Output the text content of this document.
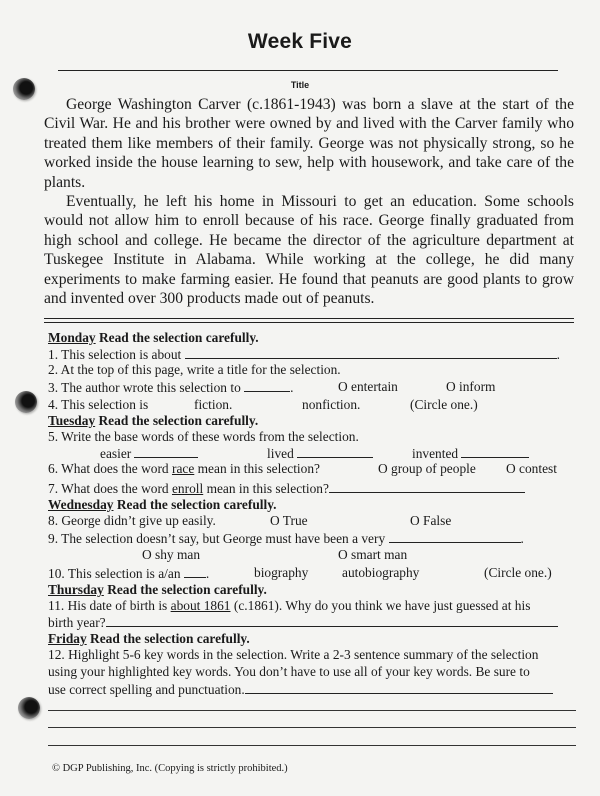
Week Five
Title

George Washington Carver (c.1861-1943) was born a slave at the start of the Civil War. He and his brother were owned by and lived with the Carver family who treated them like members of their family. George was not physically strong, so he worked inside the house learning to sew, help with housework, and take care of the plants.

Eventually, he left his home in Missouri to get an education. Some schools would not allow him to enroll because of his race. George finally graduated from high school and college. He became the director of the agriculture department at Tuskegee Institute in Alabama. While working at the college, he did many experiments to make farming easier. He found that peanuts are good plants to grow and invented over 300 products made out of peanuts.

Monday Read the selection carefully.
1. This selection is about	.
2. At the top of this page, write a title for the selection.
3. The author wrote this selection to	.	O entertain	O inform
4. This selection is	fiction.	nonfiction.	(Circle one.)
Tuesday Read the selection carefully.
5. Write the base words of these words from the selection.
easier	lived	invented
6. What does the word race mean in this selection?	O group of people O contest
7. What does the word enroll mean in this selection?
Wednesday Read the selection carefully.
8. George didn’t give up easily.	O True	O False
9. The selection doesn’t say, but George must have been a very	.
O shy man	O smart man
10. This selection is a/an .	biography	autobiography	(Circle one.)
Thursday Read the selection carefully.
11. His date of birth is about 1861 (c.1861). Why do you think we have just guessed at his
birth year?
Friday Read the selection carefully.
12. Highlight 5-6 key words in the selection. Write a 2-3 sentence summary of the selection
using your highlighted key words. You don’t have to use all of your key words. Be sure to
use correct spelling and punctuation.
© DGP Publishing, Inc. (Copying is strictly prohibited.)
